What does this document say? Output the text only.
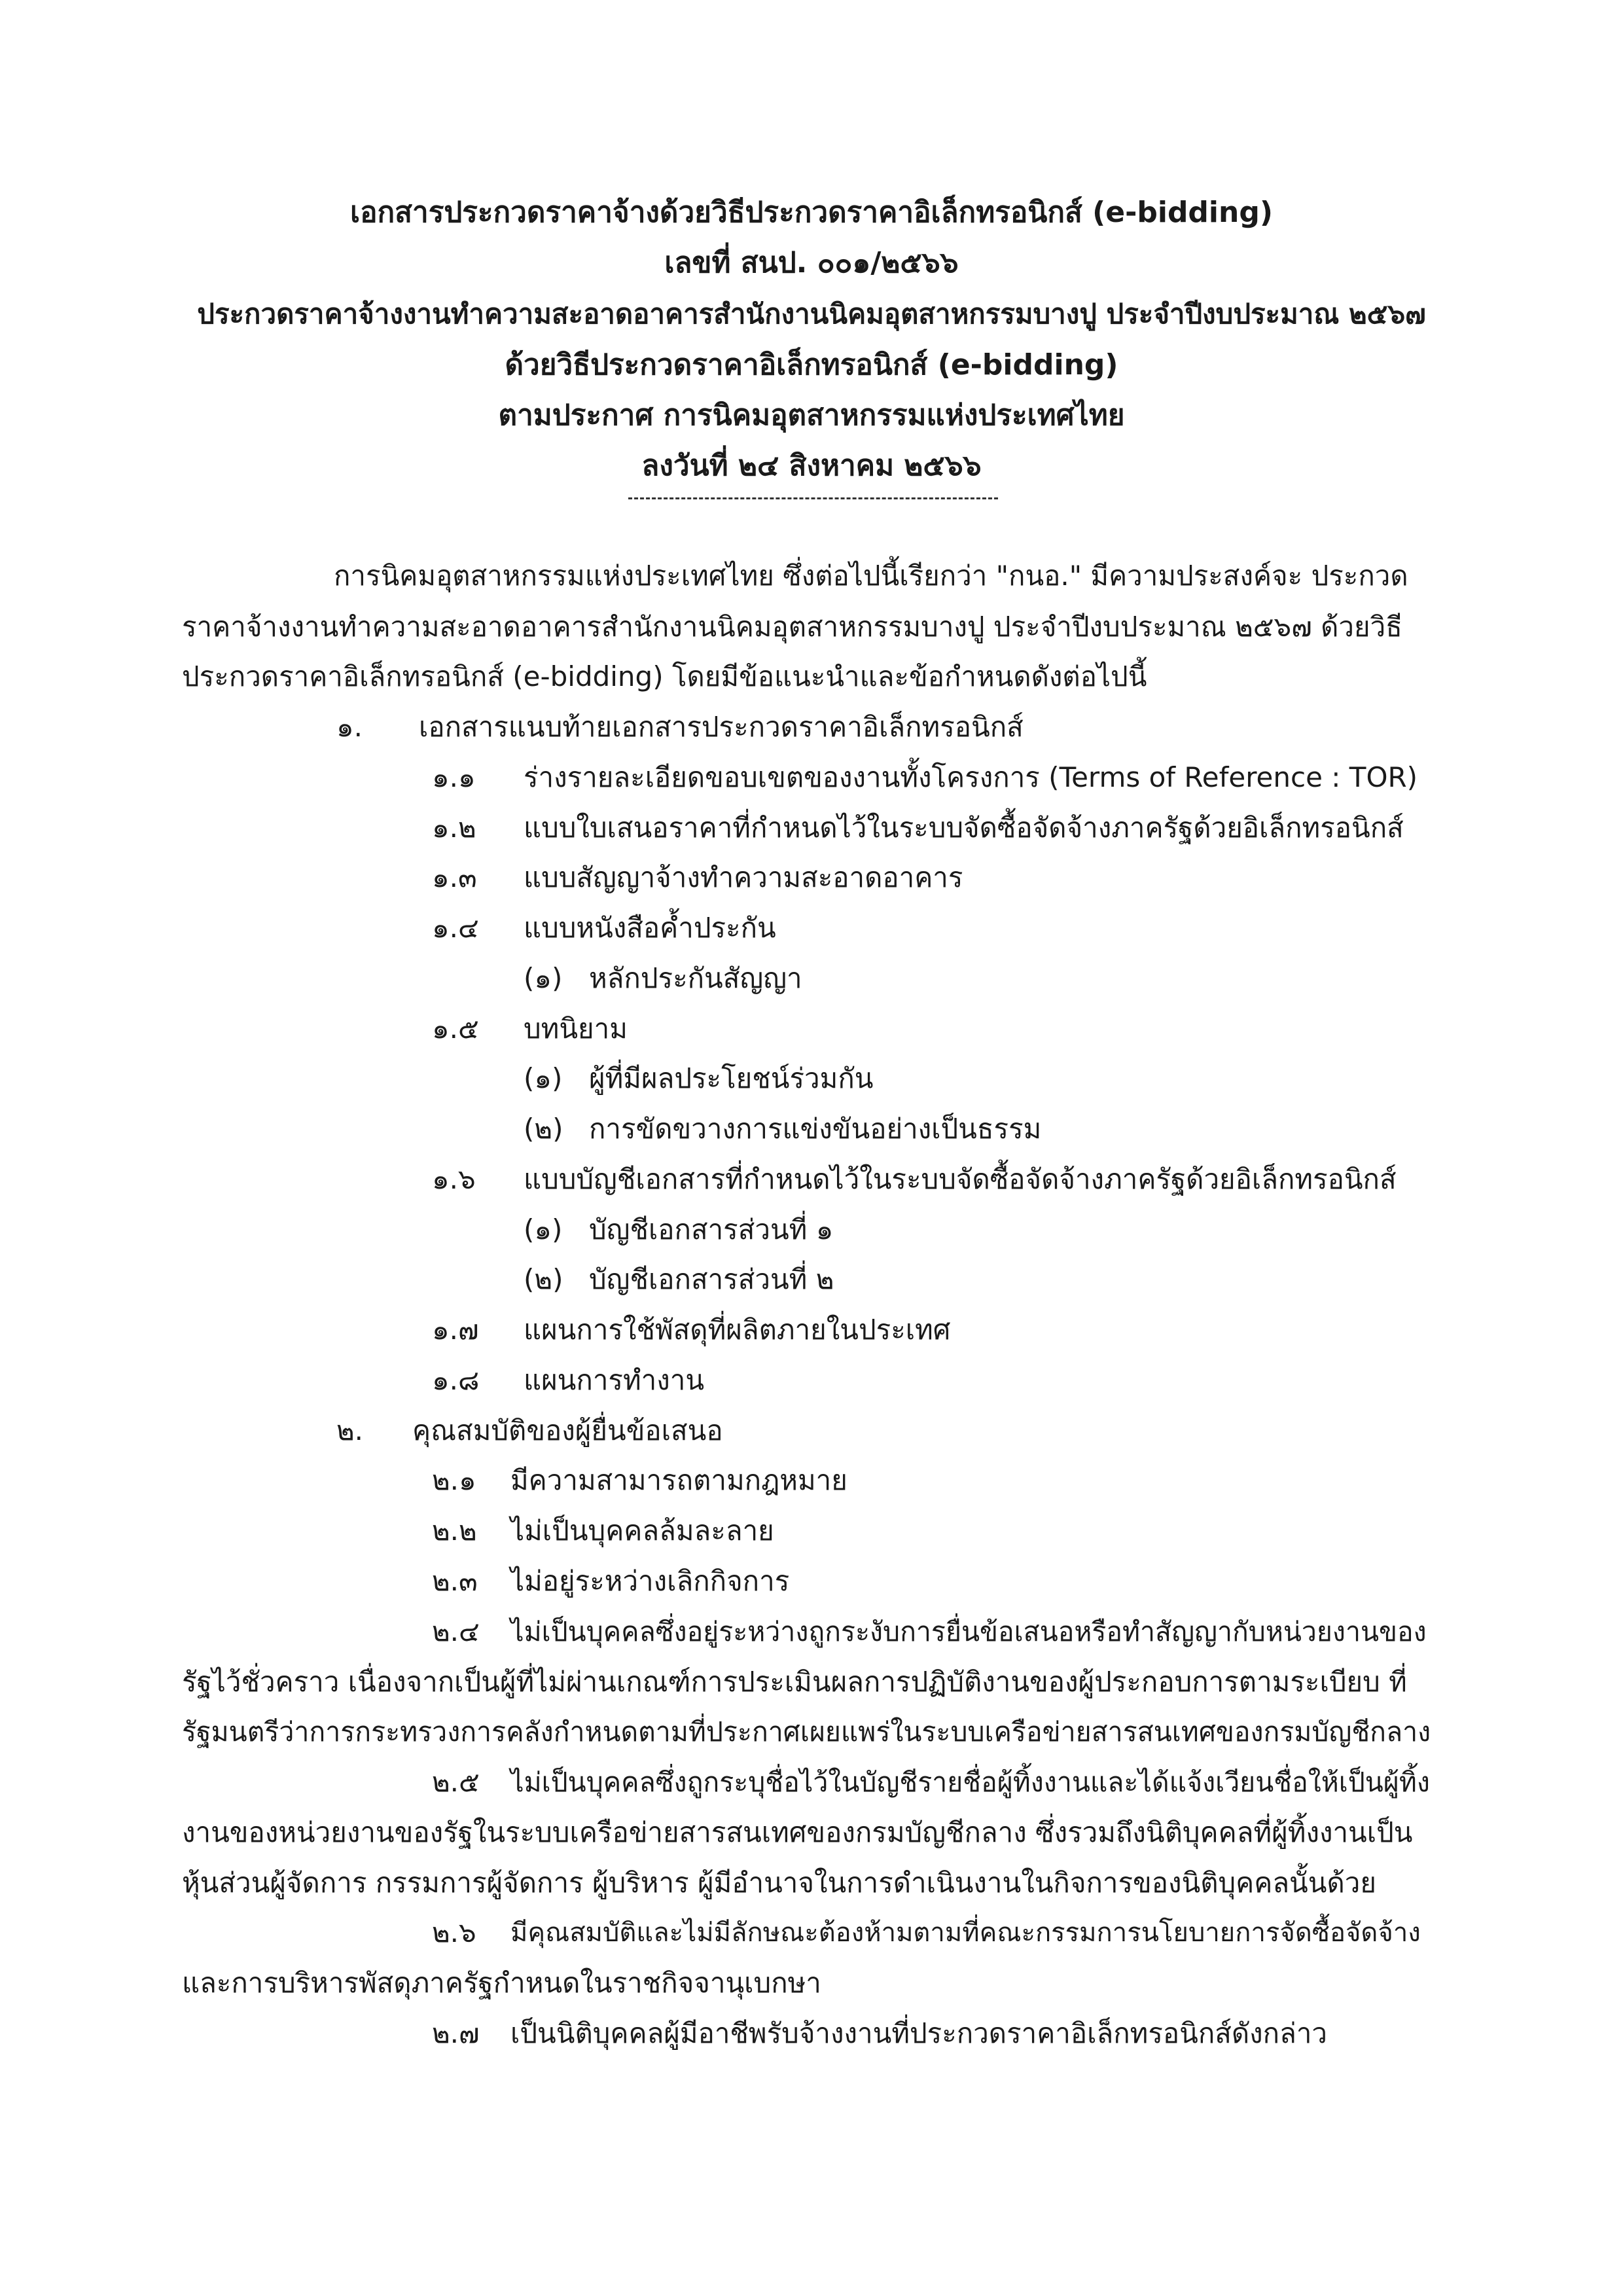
เอกสารประกวดราคาจ้างด้วยวิธีประกวดราคาอิเล็กทรอนิกส์ (e-bidding)
เลขที่ สนป. ๐๐๑/๒๕๖๖
ประกวดราคาจ้างงานทำความสะอาดอาคารสำนักงานนิคมอุตสาหกรรมบางปู ประจำปีงบประมาณ ๒๕๖๗
ด้วยวิธีประกวดราคาอิเล็กทรอนิกส์ (e-bidding)
ตามประกาศ การนิคมอุตสาหกรรมแห่งประเทศไทย
ลงวันที่ ๒๔ สิงหาคม ๒๕๖๖
การนิคมอุตสาหกรรมแห่งประเทศไทย ซึ่งต่อไปนี้เรียกว่า "กนอ." มีความประสงค์จะ ประกวด
ราคาจ้างงานทำความสะอาดอาคารสำนักงานนิคมอุตสาหกรรมบางปู ประจำปีงบประมาณ ๒๕๖๗ ด้วยวิธี
ประกวดราคาอิเล็กทรอนิกส์ (e-bidding) โดยมีข้อแนะนำและข้อกำหนดดังต่อไปนี้
๑. เอกสารแนบท้ายเอกสารประกวดราคาอิเล็กทรอนิกส์
๑.๑ ร่างรายละเอียดขอบเขตของงานทั้งโครงการ (Terms of Reference : TOR)
๑.๒ แบบใบเสนอราคาที่กำหนดไว้ในระบบจัดซื้อจัดจ้างภาครัฐด้วยอิเล็กทรอนิกส์
๑.๓ แบบสัญญาจ้างทำความสะอาดอาคาร
๑.๔ แบบหนังสือค้ำประกัน
(๑) หลักประกันสัญญา
๑.๕ บทนิยาม
(๑) ผู้ที่มีผลประโยชน์ร่วมกัน
(๒) การขัดขวางการแข่งขันอย่างเป็นธรรม
๑.๖ แบบบัญชีเอกสารที่กำหนดไว้ในระบบจัดซื้อจัดจ้างภาครัฐด้วยอิเล็กทรอนิกส์
(๑) บัญชีเอกสารส่วนที่ ๑
(๒) บัญชีเอกสารส่วนที่ ๒
๑.๗ แผนการใช้พัสดุที่ผลิตภายในประเทศ
๑.๘ แผนการทำงาน
๒. คุณสมบัติของผู้ยื่นข้อเสนอ
๒.๑ มีความสามารถตามกฎหมาย
๒.๒ ไม่เป็นบุคคลล้มละลาย
๒.๓ ไม่อยู่ระหว่างเลิกกิจการ
๒.๔ ไม่เป็นบุคคลซึ่งอยู่ระหว่างถูกระงับการยื่นข้อเสนอหรือทำสัญญากับหน่วยงานของ
รัฐไว้ชั่วคราว เนื่องจากเป็นผู้ที่ไม่ผ่านเกณฑ์การประเมินผลการปฏิบัติงานของผู้ประกอบการตามระเบียบ ที่
รัฐมนตรีว่าการกระทรวงการคลังกำหนดตามที่ประกาศเผยแพร่ในระบบเครือข่ายสารสนเทศของกรมบัญชีกลาง
๒.๕ ไม่เป็นบุคคลซึ่งถูกระบุชื่อไว้ในบัญชีรายชื่อผู้ทิ้งงานและได้แจ้งเวียนชื่อให้เป็นผู้ทิ้ง
งานของหน่วยงานของรัฐในระบบเครือข่ายสารสนเทศของกรมบัญชีกลาง ซึ่งรวมถึงนิติบุคคลที่ผู้ทิ้งงานเป็น
หุ้นส่วนผู้จัดการ กรรมการผู้จัดการ ผู้บริหาร ผู้มีอำนาจในการดำเนินงานในกิจการของนิติบุคคลนั้นด้วย
๒.๖ มีคุณสมบัติและไม่มีลักษณะต้องห้ามตามที่คณะกรรมการนโยบายการจัดซื้อจัดจ้าง
และการบริหารพัสดุภาครัฐกำหนดในราชกิจจานุเบกษา
๒.๗ เป็นนิติบุคคลผู้มีอาชีพรับจ้างงานที่ประกวดราคาอิเล็กทรอนิกส์ดังกล่าว
